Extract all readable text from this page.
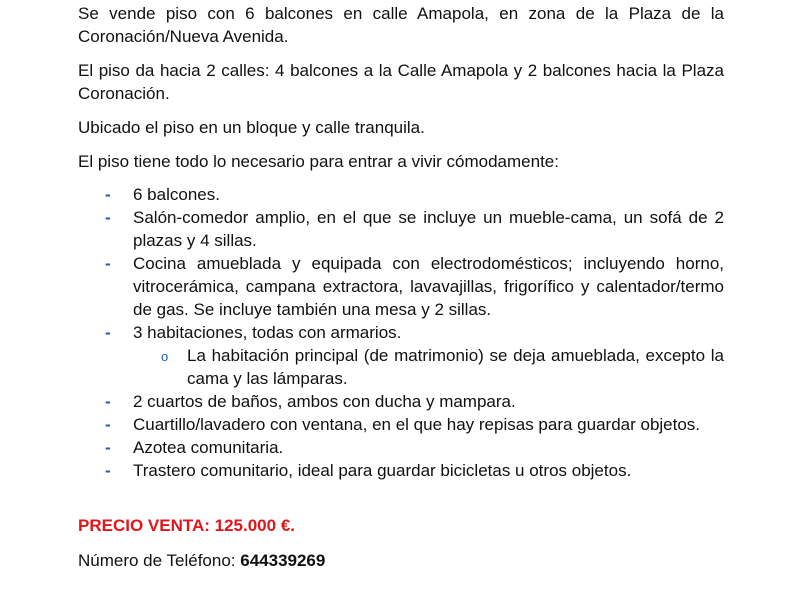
Se vende piso con 6 balcones en calle Amapola, en zona de la Plaza de la Coronación/Nueva Avenida.

El piso da hacia 2 calles: 4 balcones a la Calle Amapola y 2 balcones hacia la Plaza Coronación.

Ubicado el piso en un bloque y calle tranquila.

El piso tiene todo lo necesario para entrar a vivir cómodamente:

- 6 balcones.
- Salón-comedor amplio, en el que se incluye un mueble-cama, un sofá de 2 plazas y 4 sillas.
- Cocina amueblada y equipada con electrodomésticos; incluyendo horno, vitrocerámica, campana extractora, lavavajillas, frigorífico y calentador/termo de gas. Se incluye también una mesa y 2 sillas.
- 3 habitaciones, todas con armarios.
o La habitación principal (de matrimonio) se deja amueblada, excepto la cama y las lámparas.
- 2 cuartos de baños, ambos con ducha y mampara.
- Cuartillo/lavadero con ventana, en el que hay repisas para guardar objetos.
- Azotea comunitaria.
- Trastero comunitario, ideal para guardar bicicletas u otros objetos.

PRECIO VENTA: 125.000 €.

Número de Teléfono: 644339269
